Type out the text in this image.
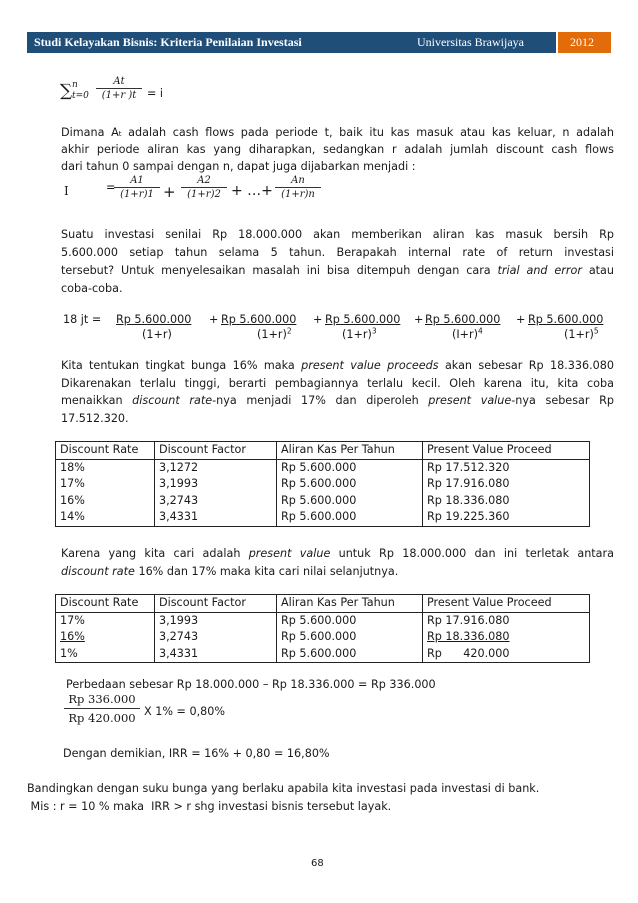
Studi Kelayakan Bisnis: Kriteria Penilaian Investasi	Universitas Brawijaya	2012
∑ 𝑛
𝑡=0
𝐴𝑡
(1+𝑟 )𝑡 = i
Dimana At adalah cash flows pada periode t, baik itu kas masuk atau kas keluar, n adalah
akhir periode aliran kas yang diharapkan, sedangkan r adalah jumlah discount cash flows
dari tahun 0 sampai dengan n, dapat juga dijabarkan menjadi :
I	=
𝐴1
(1+𝑟)1 +
𝐴2
(1+𝑟)2 + …+
𝐴𝑛
(1+𝑟)𝑛
Suatu investasi senilai Rp 18.000.000 akan memberikan aliran kas masuk bersih Rp
5.600.000 setiap tahun selama 5 tahun. Berapakah internal rate of return investasi
tersebut? Untuk menyelesaikan masalah ini bisa ditempuh dengan cara trial and error atau
coba-coba.
18 jt = Rp 5.600.000 + Rp 5.600.000 + Rp 5.600.000 + Rp 5.600.000 + Rp 5.600.000
(1+r)	$(1+r)^2$	$(1+r)^3$	$(I+r)^4$	$(1+r)^5$
Kita tentukan tingkat bunga 16% maka present value proceeds akan sebesar Rp 18.336.080
Dikarenakan terlalu tinggi, berarti pembagiannya terlalu kecil. Oleh karena itu, kita coba
menaikkan discount rate-nya menjadi 17% dan diperoleh present value-nya sebesar Rp
17.512.320.
Discount Rate	Discount Factor	Aliran Kas Per Tahun	Present Value Proceed
18%	3,1272	Rp 5.600.000	Rp 17.512.320
17%	3,1993	Rp 5.600.000	Rp 17.916.080
16%	3,2743	Rp 5.600.000	Rp 18.336.080
14%	3,4331	Rp 5.600.000	Rp 19.225.360
Karena yang kita cari adalah present value untuk Rp 18.000.000 dan ini terletak antara
discount rate 16% dan 17% maka kita cari nilai selanjutnya.
Discount Rate	Discount Factor	Aliran Kas Per Tahun	Present Value Proceed
17%	3,1993	Rp 5.600.000	Rp 17.916.080
16%	3,2743	Rp 5.600.000	Rp 18.336.080
1%	3,4331	Rp 5.600.000	Rp      420.000
Perbedaan sebesar Rp 18.000.000 – Rp 18.336.000 = Rp 336.000
$\frac{Rp 336.000}{Rp 420.000}$ X 1% = 0,80%
Dengan demikian, IRR = 16% + 0,80 = 16,80%
Bandingkan dengan suku bunga yang berlaku apabila kita investasi pada investasi di bank.
Mis : r = 10 % maka  IRR > r shg investasi bisnis tersebut layak.
68
